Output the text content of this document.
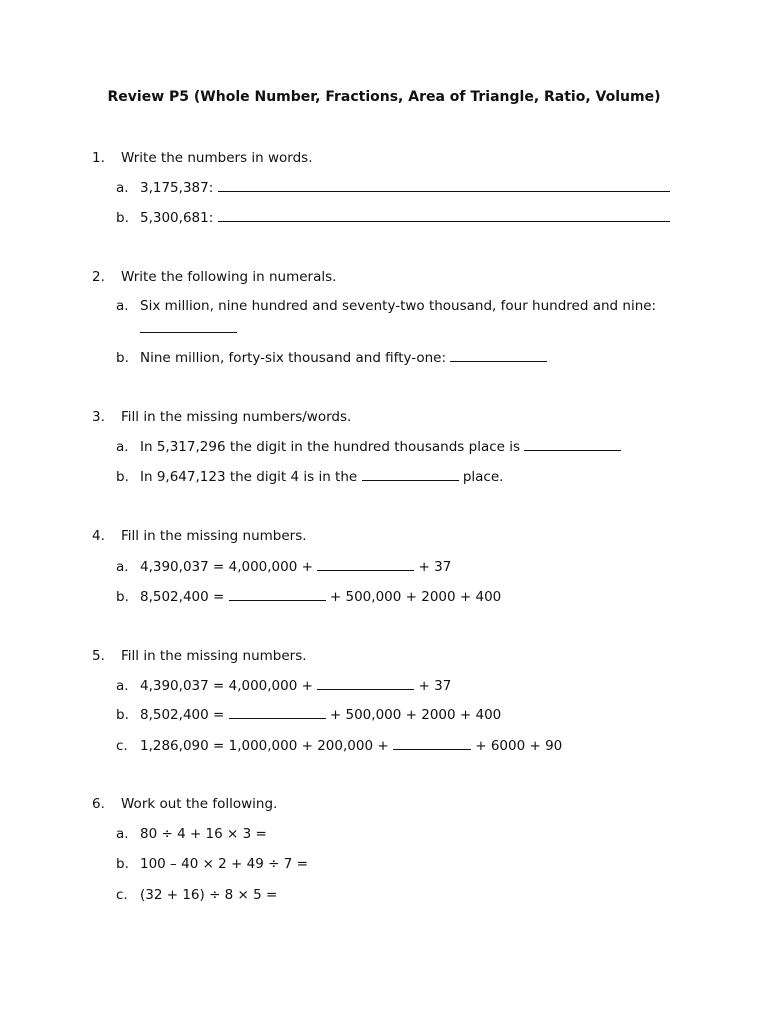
Review P5 (Whole Number, Fractions, Area of Triangle, Ratio, Volume)
1. Write the numbers in words.
a. 3,175,387:
b. 5,300,681:
2. Write the following in numerals.
a. Six million, nine hundred and seventy-two thousand, four hundred and nine:
b. Nine million, forty-six thousand and fifty-one:
3. Fill in the missing numbers/words.
a. In 5,317,296 the digit in the hundred thousands place is
b. In 9,647,123 the digit 4 is in the	place.
4. Fill in the missing numbers.
a. 4,390,037 = 4,000,000 +	+ 37
b. 8,502,400 =	+ 500,000 + 2000 + 400
5. Fill in the missing numbers.
a. 4,390,037 = 4,000,000 +	+ 37
b. 8,502,400 =	+ 500,000 + 2000 + 400
c. 1,286,090 = 1,000,000 + 200,000 +	+ 6000 + 90
6. Work out the following.
a. 80 ÷ 4 + 16 × 3 =
b. 100 – 40 × 2 + 49 ÷ 7 =
c. (32 + 16) ÷ 8 × 5 =
